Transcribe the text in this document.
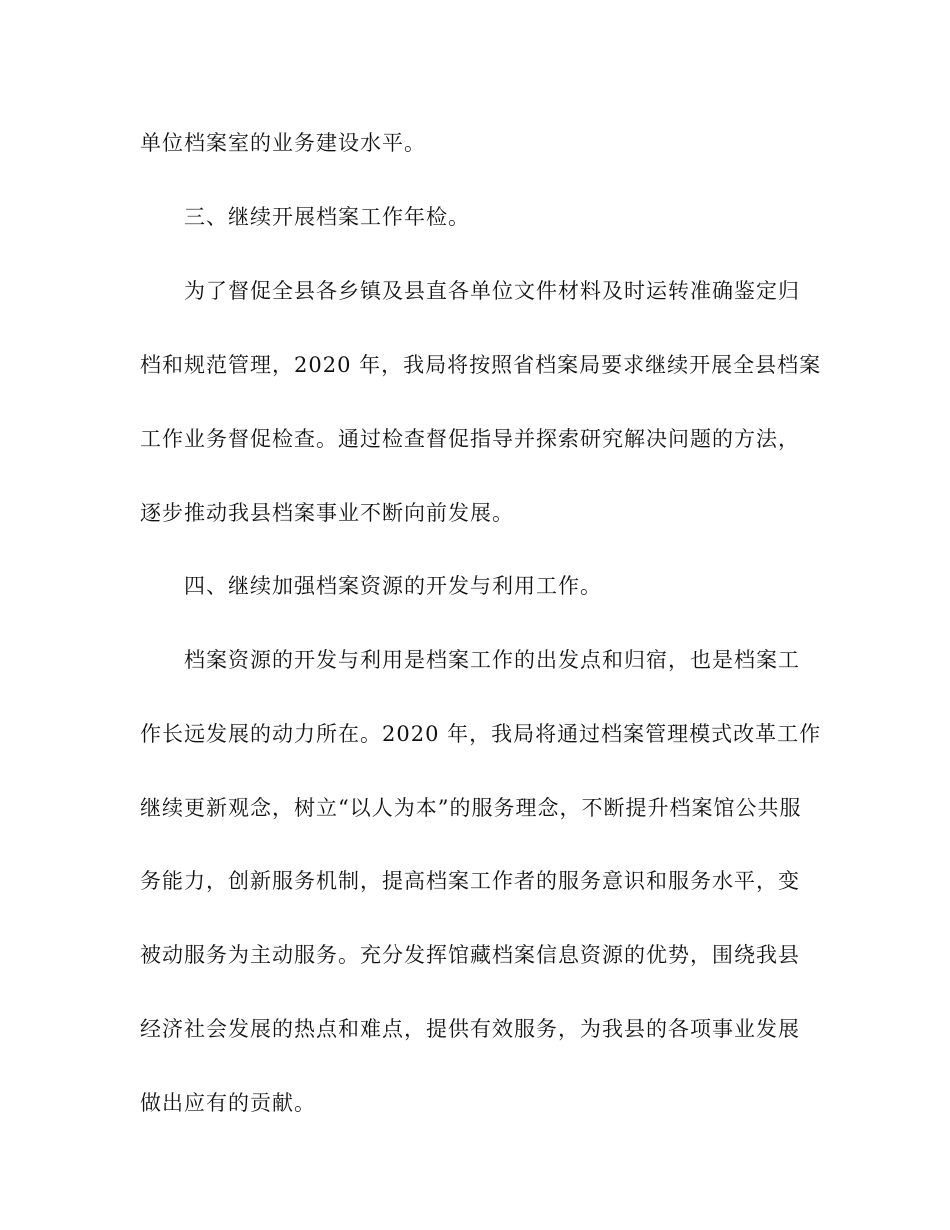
单位档案室的业务建设水平。

三、继续开展档案工作年检。

为了督促全县各乡镇及县直各单位文件材料及时运转准确鉴定归

档和规范管理，2020 年，我局将按照省档案局要求继续开展全县档案

工作业务督促检查。通过检查督促指导并探索研究解决问题的方法，

逐步推动我县档案事业不断向前发展。

四、继续加强档案资源的开发与利用工作。

档案资源的开发与利用是档案工作的出发点和归宿，也是档案工

作长远发展的动力所在。2020 年，我局将通过档案管理模式改革工作

继续更新观念，树立“以人为本”的服务理念，不断提升档案馆公共服

务能力，创新服务机制，提高档案工作者的服务意识和服务水平，变

被动服务为主动服务。充分发挥馆藏档案信息资源的优势，围绕我县

经济社会发展的热点和难点，提供有效服务，为我县的各项事业发展

做出应有的贡献。
